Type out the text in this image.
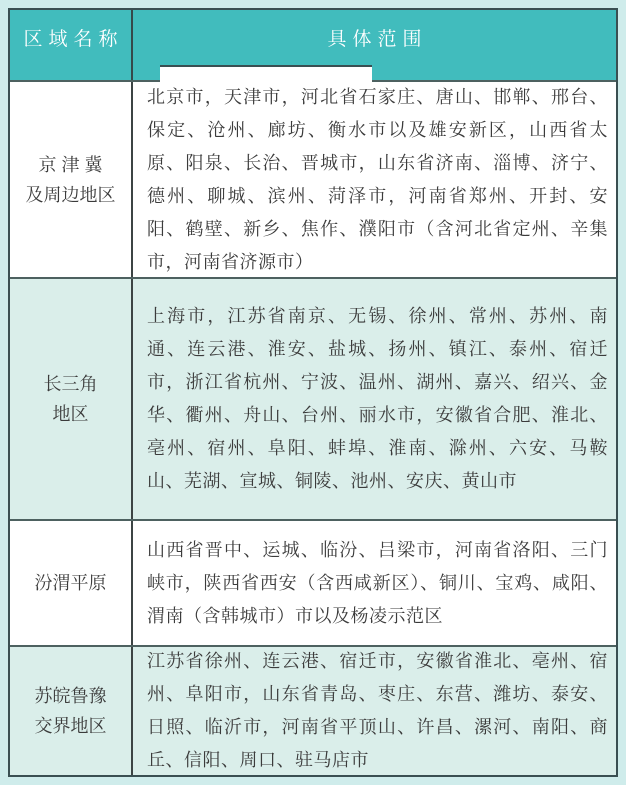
区域名称	具体范围
京 津 冀
及周边地区
北京市，天津市，河北省石家庄、唐山、邯郸、邢台、保定、沧州、廊坊、衡水市以及雄安新区，山西省太原、阳泉、长治、晋城市，山东省济南、淄博、济宁、德州、聊城、滨州、菏泽市，河南省郑州、开封、安阳、鹤壁、新乡、焦作、濮阳市（含河北省定州、辛集市，河南省济源市）
长三角
地区
上海市，江苏省南京、无锡、徐州、常州、苏州、南通、连云港、淮安、盐城、扬州、镇江、泰州、宿迁市，浙江省杭州、宁波、温州、湖州、嘉兴、绍兴、金华、衢州、舟山、台州、丽水市，安徽省合肥、淮北、亳州、宿州、阜阳、蚌埠、淮南、滁州、六安、马鞍山、芜湖、宣城、铜陵、池州、安庆、黄山市
汾渭平原
山西省晋中、运城、临汾、吕梁市，河南省洛阳、三门峡市，陕西省西安（含西咸新区）、铜川、宝鸡、咸阳、渭南（含韩城市）市以及杨凌示范区
苏皖鲁豫
交界地区
江苏省徐州、连云港、宿迁市，安徽省淮北、亳州、宿州、阜阳市，山东省青岛、枣庄、东营、潍坊、泰安、日照、临沂市，河南省平顶山、许昌、漯河、南阳、商丘、信阳、周口、驻马店市
